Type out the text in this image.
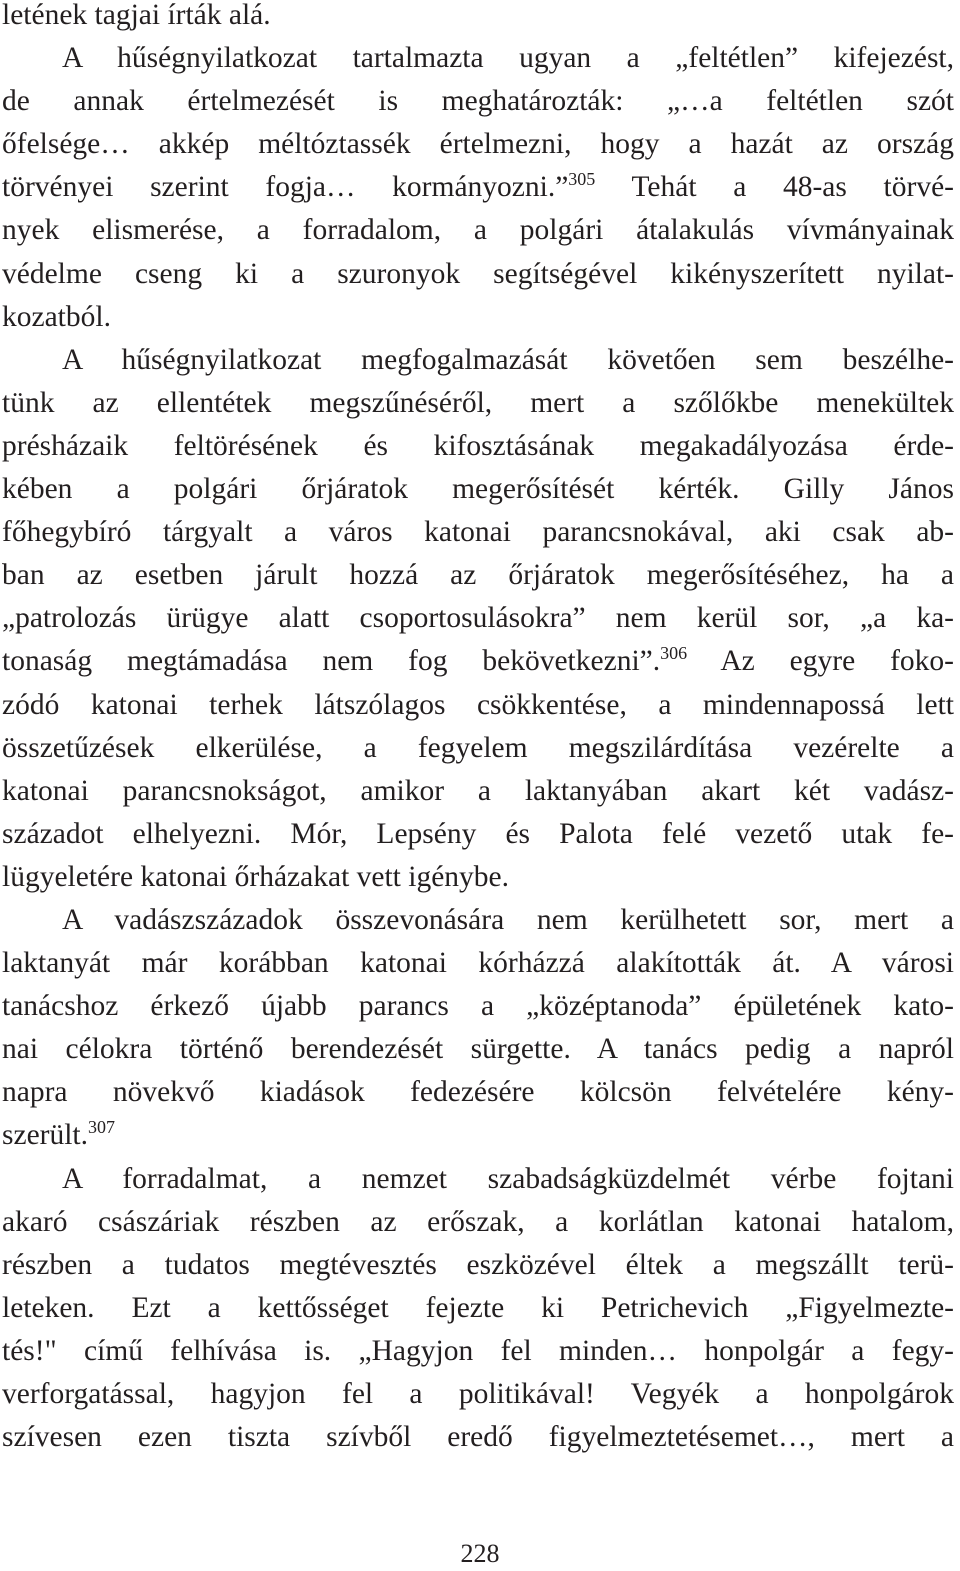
letének tagjai írták alá.
A hűségnyilatkozat tartalmazta ugyan a „feltétlen” kifejezést,
de annak értelmezését is meghatározták: „…a feltétlen szót
őfelsége… akkép méltóztassék értelmezni, hogy a hazát az ország
törvényei szerint fogja… kormányozni.”$^{305}$ Tehát a 48-as törvé-
nyek elismerése, a forradalom, a polgári átalakulás vívmányainak
védelme cseng ki a szuronyok segítségével kikényszerített nyilat-
kozatból.
A hűségnyilatkozat megfogalmazását követően sem beszélhe-
tünk az ellentétek megszűnéséről, mert a szőlőkbe menekültek
présházaik feltörésének és kifosztásának megakadályozása érde-
kében a polgári őrjáratok megerősítését kérték. Gilly János
főhegybíró tárgyalt a város katonai parancsnokával, aki csak ab-
ban az esetben járult hozzá az őrjáratok megerősítéséhez, ha a
„patrolozás ürügye alatt csoportosulásokra” nem kerül sor, „a ka-
tonaság megtámadása nem fog bekövetkezni”.$^{306}$ Az egyre foko-
zódó katonai terhek látszólagos csökkentése, a mindennapossá lett
összetűzések elkerülése, a fegyelem megszilárdítása vezérelte a
katonai parancsnokságot, amikor a laktanyában akart két vadász-
századot elhelyezni. Mór, Lepsény és Palota felé vezető utak fe-
lügyeletére katonai őrházakat vett igénybe.
A vadászszázadok összevonására nem kerülhetett sor, mert a
laktanyát már korábban katonai kórházzá alakították át. A városi
tanácshoz érkező újabb parancs a „középtanoda” épületének kato-
nai célokra történő berendezését sürgette. A tanács pedig a napról
napra növekvő kiadások fedezésére kölcsön felvételére kény-
szerült.$^{307}$
A forradalmat, a nemzet szabadságküzdelmét vérbe fojtani
akaró császáriak részben az erőszak, a korlátlan katonai hatalom,
részben a tudatos megtévesztés eszközével éltek a megszállt terü-
leteken. Ezt a kettősséget fejezte ki Petrichevich „Figyelmezte-
tés!" című felhívása is. „Hagyjon fel minden… honpolgár a fegy-
verforgatással, hagyjon fel a politikával! Vegyék a honpolgárok
szívesen ezen tiszta szívből eredő figyelmeztetésemet…, mert a
228
